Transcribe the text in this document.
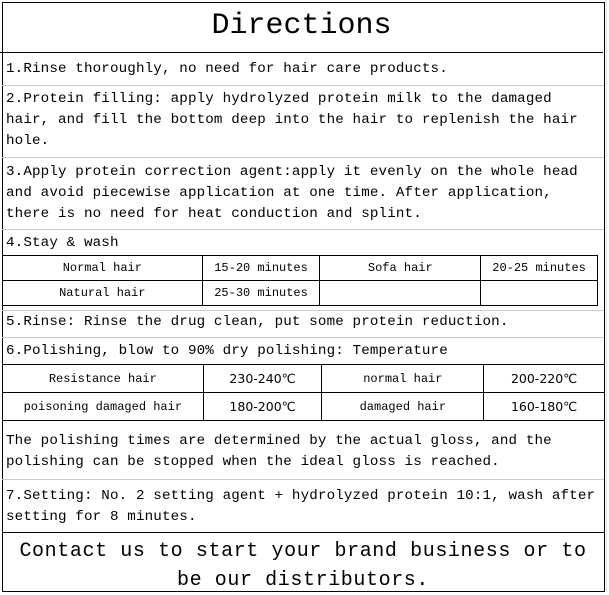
Directions
1.Rinse thoroughly, no need for hair care products.
2.Protein filling: apply hydrolyzed protein milk to the damaged hair, and fill the bottom deep into the hair to replenish the hair hole.
3.Apply protein correction agent:apply it evenly on the whole head and avoid piecewise application at one time. After application, there is no need for heat conduction and splint.
4.Stay & wash
Normal hair	15-20 minutes	Sofa hair	20-25 minutes
Natural hair	25-30 minutes		
5.Rinse: Rinse the drug clean, put some protein reduction.
6.Polishing, blow to 90% dry polishing: Temperature
Resistance hair	230-240℃	normal hair	200-220℃
poisoning damaged hair	180-200℃	damaged hair	160-180℃
The polishing times are determined by the actual gloss, and the polishing can be stopped when the ideal gloss is reached.
7.Setting: No. 2 setting agent + hydrolyzed protein 10:1, wash after setting for 8 minutes.
Contact us to start your brand business or to be our distributors.
